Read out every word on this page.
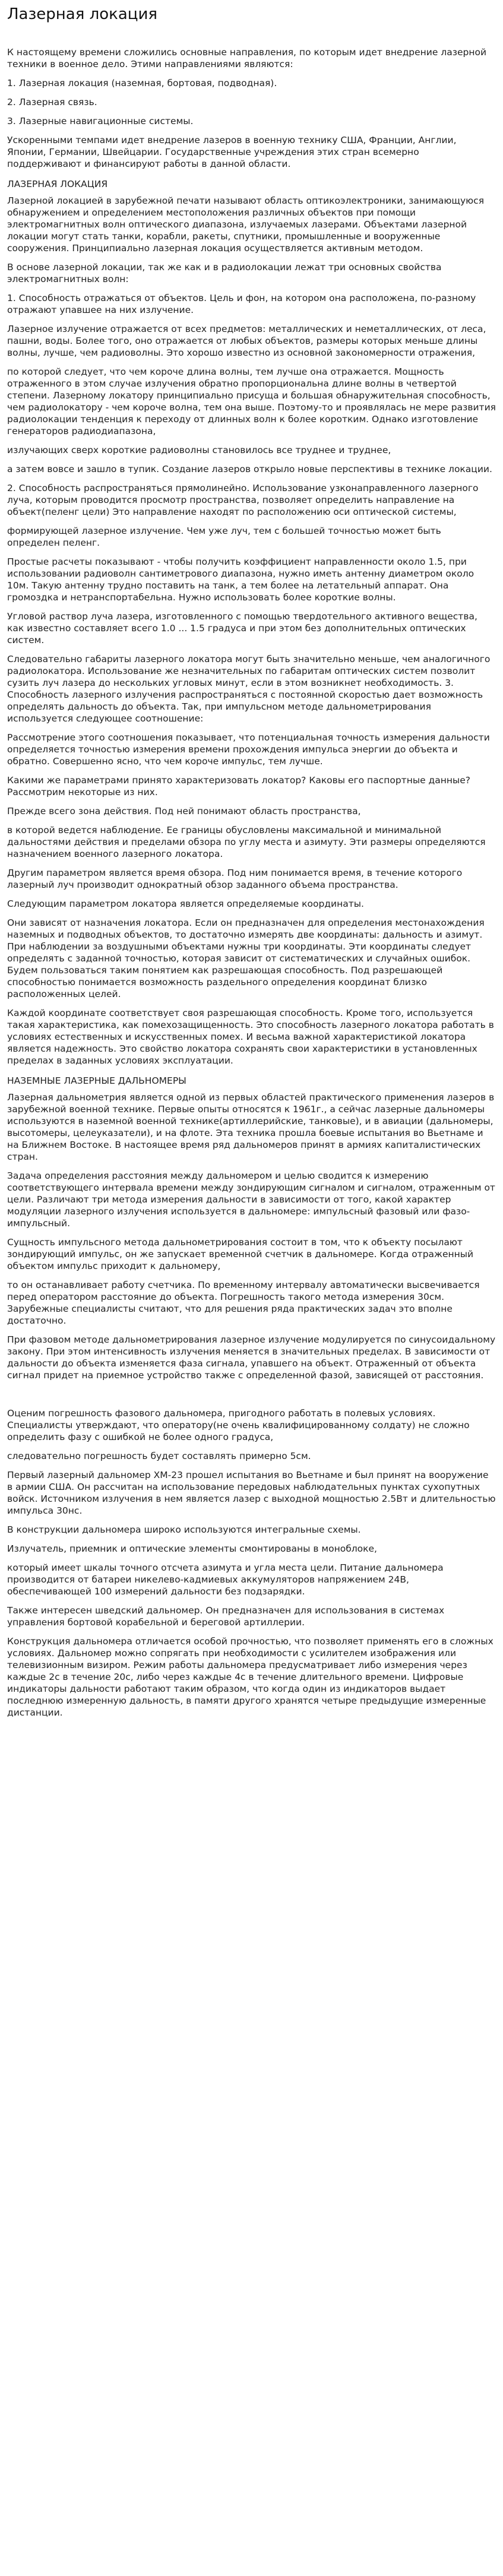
Лазерная локация

К настоящему времени сложились основные направления, по которым идет внедрение лазерной техники в военное дело. Этими направлениями являются:

1. Лазерная локация (наземная, бортовая, подводная).

2. Лазерная связь.

3. Лазерные навигационные системы.

Ускоренными темпами идет внедрение лазеров в военную технику США, Франции, Англии, Японии, Германии, Швейцарии. Государственные учреждения этих стран всемерно поддерживают и финансируют работы в данной области.

ЛАЗЕРНАЯ ЛОКАЦИЯ

Лазерной локацией в зарубежной печати называют область оптикоэлектроники, занимающуюся обнаружением и определением местоположения различных объектов при помощи электромагнитных волн оптического диапазона, излучаемых лазерами. Объектами лазерной локации могут стать танки, корабли, ракеты, спутники, промышленные и вооруженные сооружения. Принципиально лазерная локация осуществляется активным методом.

В основе лазерной локации, так же как и в радиолокации лежат три основных свойства электромагнитных волн:

1. Способность отражаться от объектов. Цель и фон, на котором она расположена, по-разному отражают упавшее на них излучение.

Лазерное излучение отражается от всех предметов: металлических и неметаллических, от леса, пашни, воды. Более того, оно отражается от любых объектов, размеры которых меньше длины волны, лучше, чем радиоволны. Это хорошо известно из основной закономерности отражения,

по которой следует, что чем короче длина волны, тем лучше она отражается. Мощность отраженного в этом случае излучения обратно пропорциональна длине волны в четвертой степени. Лазерному локатору принципиально присуща и большая обнаружительная способность, чем радиолокатору - чем короче волна, тем она выше. Поэтому-то и проявлялась не мере развития радиолокации тенденция к переходу от длинных волн к более коротким. Однако изготовление генераторов радиодиапазона,

излучающих сверх короткие радиоволны становилось все труднее и труднее,

а затем вовсе и зашло в тупик. Создание лазеров открыло новые перспективы в технике локации.

2. Способность распространяться прямолинейно. Использование узконаправленного лазерного луча, которым проводится просмотр пространства, позволяет определить направление на объект(пеленг цели) Это направление находят по расположению оси оптической системы,

формирующей лазерное излучение. Чем уже луч, тем с большей точностью может быть определен пеленг.

Простые расчеты показывают - чтобы получить коэффициент направленности около 1.5, при использовании радиоволн сантиметрового диапазона, нужно иметь антенну диаметром около 10м. Такую антенну трудно поставить на танк, а тем более на летательный аппарат. Она громоздка и нетранспортабельна. Нужно использовать более короткие волны.

Угловой раствор луча лазера, изготовленного с помощью твердотельного активного вещества, как известно составляет всего 1.0 ... 1.5 градуса и при этом без дополнительных оптических систем.

Следовательно габариты лазерного локатора могут быть значительно меньше, чем аналогичного радиолокатора. Использование же незначительных по габаритам оптических систем позволит сузить луч лазера до нескольких угловых минут, если в этом возникнет необходимость. 3. Способность лазерного излучения распространяться с постоянной скоростью дает возможность определять дальность до объекта. Так, при импульсном методе дальнометрирования используется следующее соотношение:

Рассмотрение этого соотношения показывает, что потенциальная точность измерения дальности определяется точностью измерения времени прохождения импульса энергии до объекта и обратно. Совершенно ясно, что чем короче импульс, тем лучше.

Какими же параметрами принято характеризовать локатор? Каковы его паспортные данные? Рассмотрим некоторые из них.

Прежде всего зона действия. Под ней понимают область пространства,

в которой ведется наблюдение. Ее границы обусловлены максимальной и минимальной дальностями действия и пределами обзора по углу места и азимуту. Эти размеры определяются назначением военного лазерного локатора.

Другим параметром является время обзора. Под ним понимается время, в течение которого лазерный луч производит однократный обзор заданного объема пространства.

Следующим параметром локатора является определяемые координаты.

Они зависят от назначения локатора. Если он предназначен для определения местонахождения наземных и подводных объектов, то достаточно измерять две координаты: дальность и азимут. При наблюдении за воздушными объектами нужны три координаты. Эти координаты следует определять с заданной точностью, которая зависит от систематических и случайных ошибок. Будем пользоваться таким понятием как разрешающая способность. Под разрешающей способностью понимается возможность раздельного определения координат близко расположенных целей.

Каждой координате соответствует своя разрешающая способность. Кроме того, используется такая характеристика, как помехозащищенность. Это способность лазерного локатора работать в условиях естественных и искусственных помех. И весьма важной характеристикой локатора является надежность. Это свойство локатора сохранять свои характеристики в установленных пределах в заданных условиях эксплуатации.

НАЗЕМНЫЕ ЛАЗЕРНЫЕ ДАЛЬНОМЕРЫ

Лазерная дальнометрия является одной из первых областей практического применения лазеров в зарубежной военной технике. Первые опыты относятся к 1961г., а сейчас лазерные дальномеры используются в наземной военной технике(артиллерийские, танковые), и в авиации (дальномеры, высотомеры, целеуказатели), и на флоте. Эта техника прошла боевые испытания во Вьетнаме и на Ближнем Востоке. В настоящее время ряд дальномеров принят в армиях капиталистических стран.

Задача определения расстояния между дальномером и целью сводится к измерению соответствующего интервала времени между зондирующим сигналом и сигналом, отраженным от цели. Различают три метода измерения дальности в зависимости от того, какой характер модуляции лазерного излучения используется в дальномере: импульсный фазовый или фазо-импульсный.

Сущность импульсного метода дальнометрирования состоит в том, что к объекту посылают зондирующий импульс, он же запускает временной счетчик в дальномере. Когда отраженный объектом импульс приходит к дальномеру,

то он останавливает работу счетчика. По временному интервалу автоматически высвечивается перед оператором расстояние до объекта. Погрешность такого метода измерения 30см. Зарубежные специалисты считают, что для решения ряда практических задач это вполне достаточно.

При фазовом методе дальнометрирования лазерное излучение модулируется по синусоидальному закону. При этом интенсивность излучения меняется в значительных пределах. В зависимости от дальности до объекта изменяется фаза сигнала, упавшего на объект. Отраженный от объекта сигнал придет на приемное устройство также с определенной фазой, зависящей от расстояния.

Оценим погрешность фазового дальномера, пригодного работать в полевых условиях. Специалисты утверждают, что оператору(не очень квалифицированному солдату) не сложно определить фазу с ошибкой не более одного градуса,

следовательно погрешность будет составлять примерно 5см.

Первый лазерный дальномер ХМ-23 прошел испытания во Вьетнаме и был принят на вооружение в армии США. Он рассчитан на использование передовых наблюдательных пунктах сухопутных войск. Источником излучения в нем является лазер с выходной мощностью 2.5Вт и длительностью импульса 30нс.

В конструкции дальномера широко используются интегральные схемы.

Излучатель, приемник и оптические элементы смонтированы в моноблоке,

который имеет шкалы точного отсчета азимута и угла места цели. Питание дальномера производится от батареи никелево-кадмиевых аккумуляторов напряжением 24В, обеспечивающей 100 измерений дальности без подзарядки.

Также интересен шведский дальномер. Он предназначен для использования в системах управления бортовой корабельной и береговой артиллерии.

Конструкция дальномера отличается особой прочностью, что позволяет применять его в сложных условиях. Дальномер можно сопрягать при необходимости с усилителем изображения или телевизионным визиром. Режим работы дальномера предусматривает либо измерения через каждые 2с в течение 20с, либо через каждые 4с в течение длительного времени. Цифровые индикаторы дальности работают таким образом, что когда один из индикаторов выдает последнюю измеренную дальность, в памяти другого хранятся четыре предыдущие измеренные дистанции.
